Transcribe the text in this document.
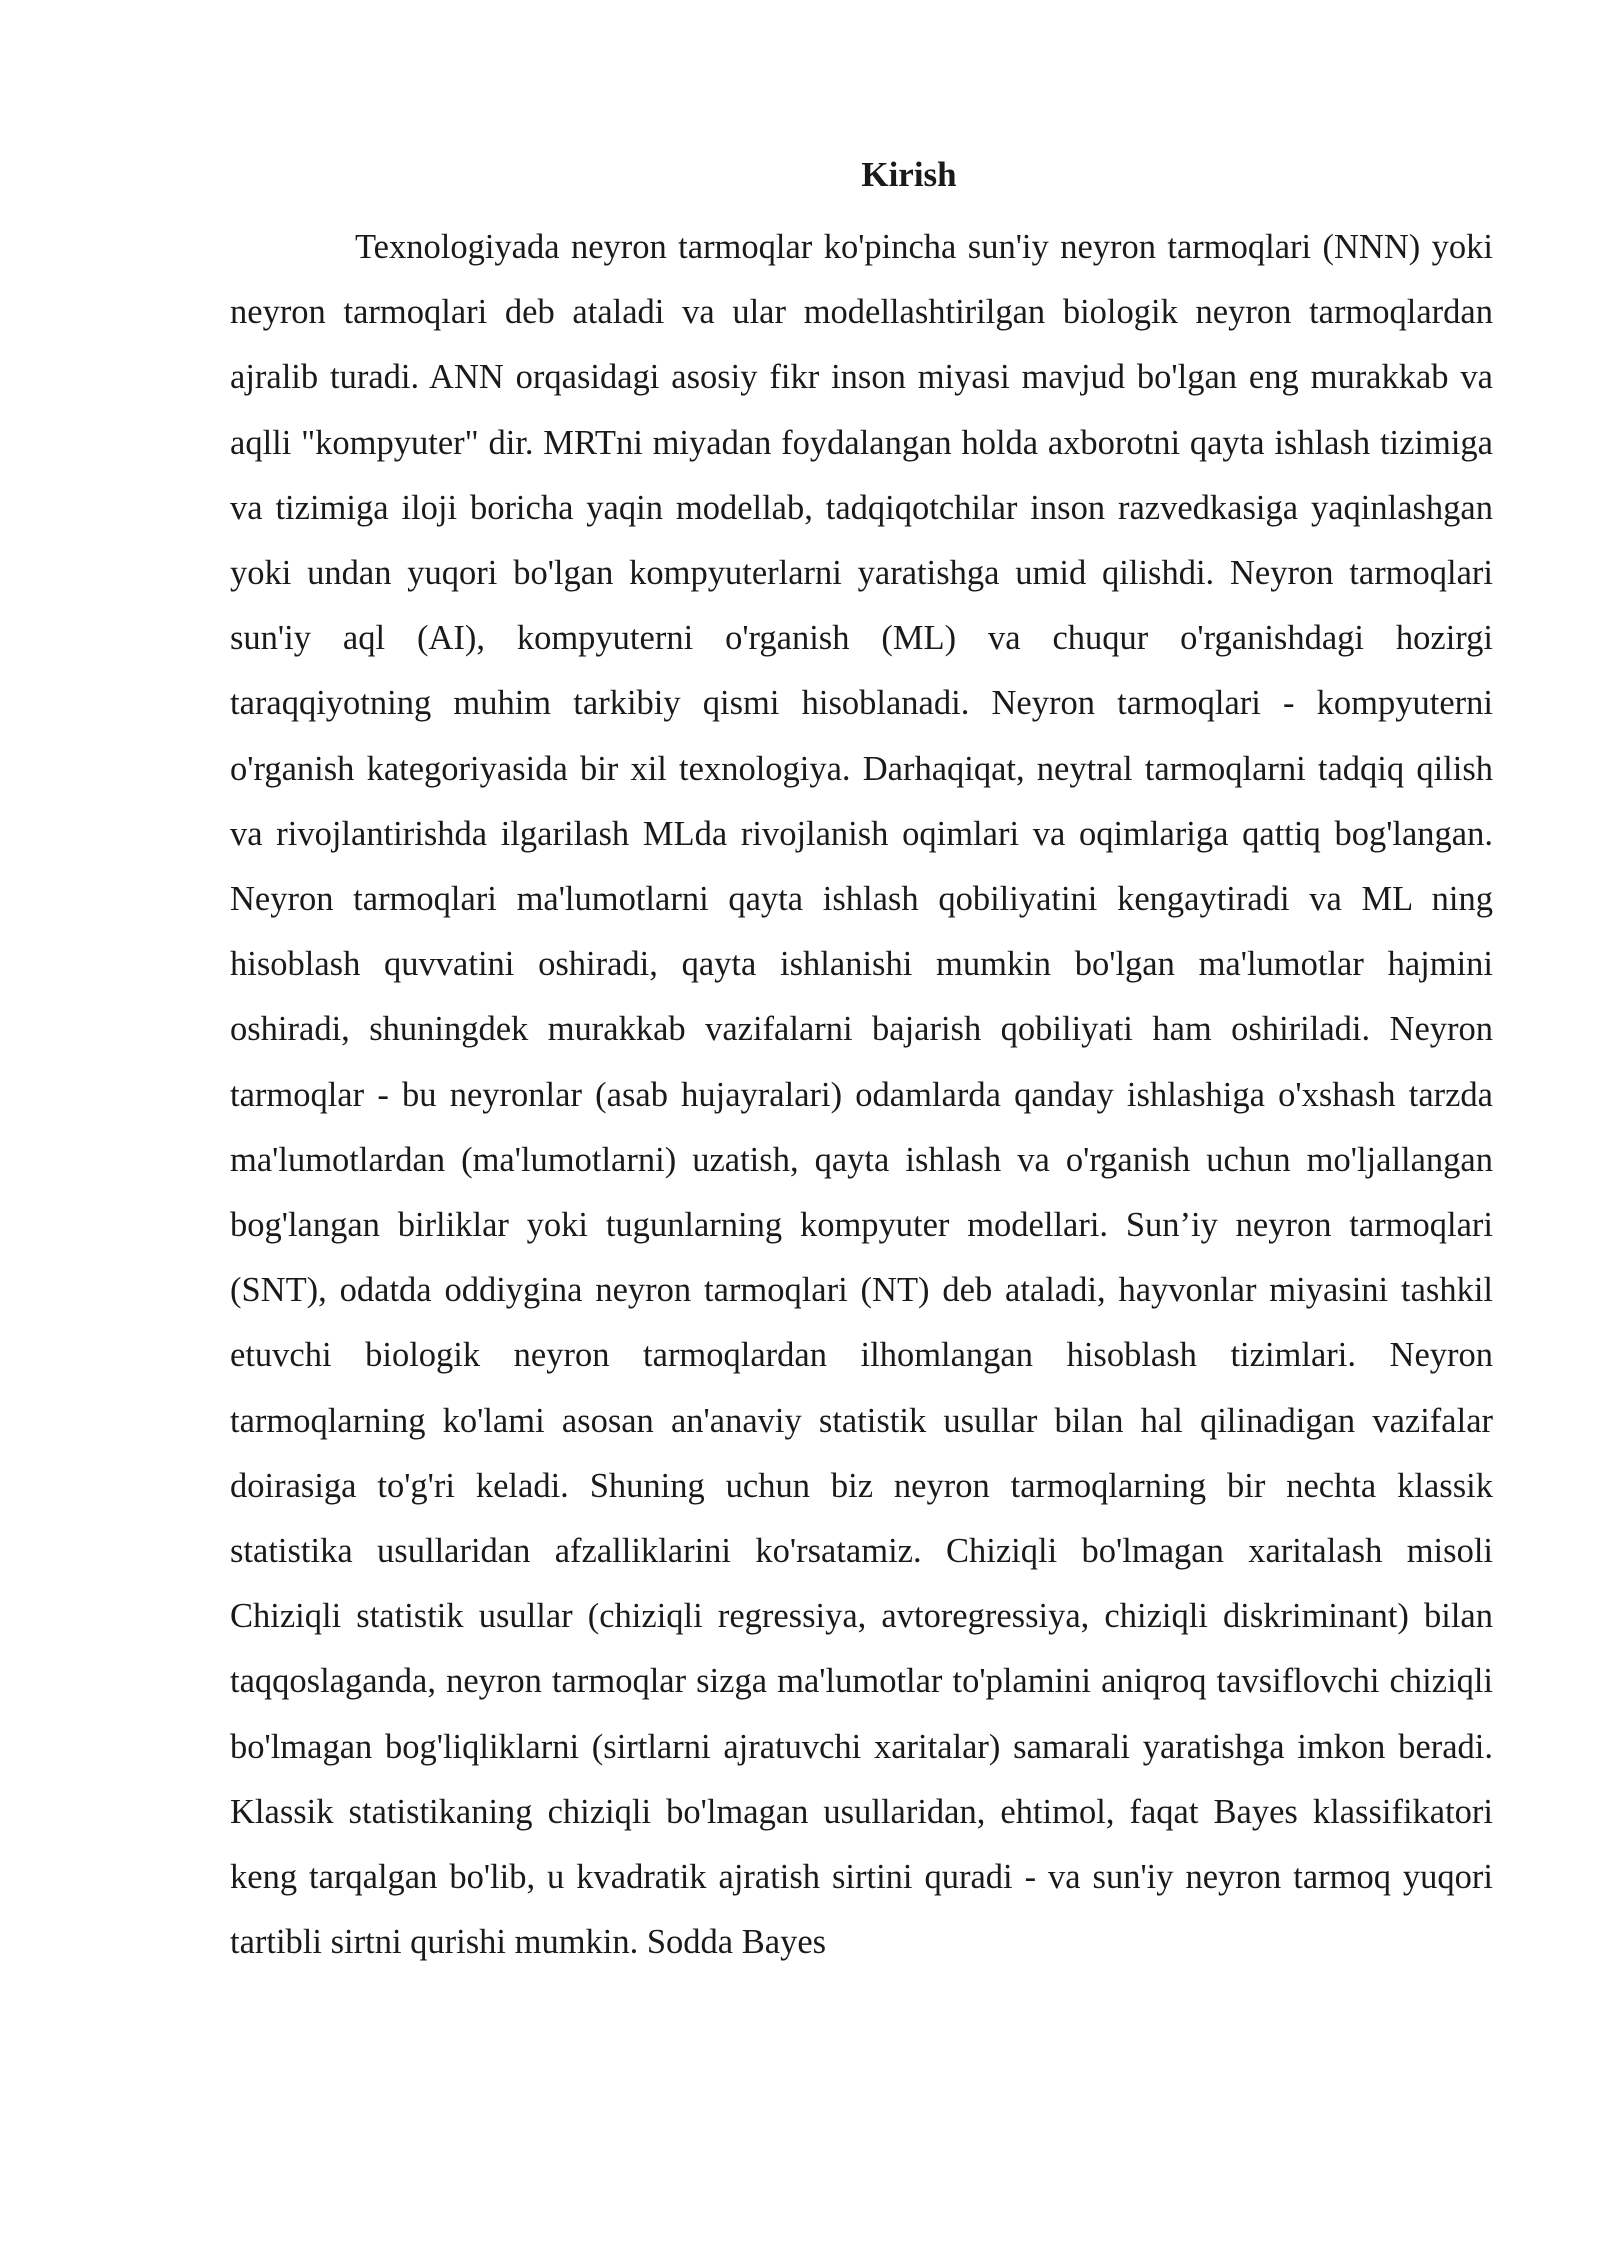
Kirish

Texnologiyada neyron tarmoqlar ko'pincha sun'iy neyron tarmoqlari (NNN) yoki neyron tarmoqlari deb ataladi va ular modellashtirilgan biologik neyron tarmoqlardan ajralib turadi. ANN orqasidagi asosiy fikr inson miyasi mavjud bo'lgan eng murakkab va aqlli "kompyuter" dir. MRTni miyadan foydalangan holda axborotni qayta ishlash tizimiga va tizimiga iloji boricha yaqin modellab, tadqiqotchilar inson razvedkasiga yaqinlashgan yoki undan yuqori bo'lgan kompyuterlarni yaratishga umid qilishdi. Neyron tarmoqlari sun'iy aql (AI), kompyuterni o'rganish (ML) va chuqur o'rganishdagi hozirgi taraqqiyotning muhim tarkibiy qismi hisoblanadi. Neyron tarmoqlari - kompyuterni o'rganish kategoriyasida bir xil texnologiya. Darhaqiqat, neytral tarmoqlarni tadqiq qilish va rivojlantirishda ilgarilash MLda rivojlanish oqimlari va oqimlariga qattiq bog'langan. Neyron tarmoqlari ma'lumotlarni qayta ishlash qobiliyatini kengaytiradi va ML ning hisoblash quvvatini oshiradi, qayta ishlanishi mumkin bo'lgan ma'lumotlar hajmini oshiradi, shuningdek murakkab vazifalarni bajarish qobiliyati ham oshiriladi. Neyron tarmoqlar - bu neyronlar (asab hujayralari) odamlarda qanday ishlashiga o'xshash tarzda ma'lumotlardan (ma'lumotlarni) uzatish, qayta ishlash va o'rganish uchun mo'ljallangan bog'langan birliklar yoki tugunlarning kompyuter modellari. Sun’iy neyron tarmoqlari (SNT), odatda oddiygina neyron tarmoqlari (NT) deb ataladi, hayvonlar miyasini tashkil etuvchi biologik neyron tarmoqlardan ilhomlangan hisoblash tizimlari. Neyron tarmoqlarning ko'lami asosan an'anaviy statistik usullar bilan hal qilinadigan vazifalar doirasiga to'g'ri keladi. Shuning uchun biz neyron tarmoqlarning bir nechta klassik statistika usullaridan afzalliklarini ko'rsatamiz. Chiziqli bo'lmagan xaritalash misoli Chiziqli statistik usullar (chiziqli regressiya, avtoregressiya, chiziqli diskriminant) bilan taqqoslaganda, neyron tarmoqlar sizga ma'lumotlar to'plamini aniqroq tavsiflovchi chiziqli bo'lmagan bog'liqliklarni (sirtlarni ajratuvchi xaritalar) samarali yaratishga imkon beradi. Klassik statistikaning chiziqli bo'lmagan usullaridan, ehtimol, faqat Bayes klassifikatori keng tarqalgan bo'lib, u kvadratik ajratish sirtini quradi - va sun'iy neyron tarmoq yuqori tartibli sirtni qurishi mumkin. Sodda Bayes
